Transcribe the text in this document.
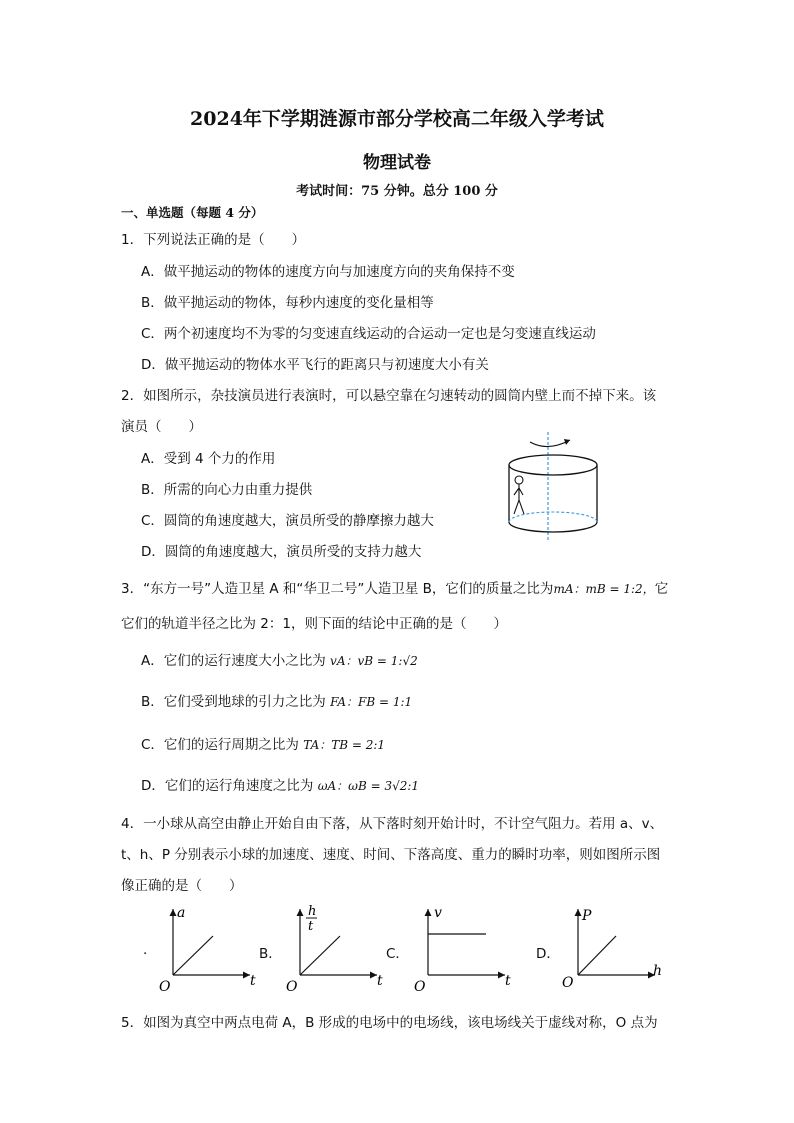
2024年下学期涟源市部分学校高二年级入学考试
物理试卷
考试时间：75 分钟。总分 100 分
一、单选题（每题 4 分）
1．下列说法正确的是（　　）
A．做平抛运动的物体的速度方向与加速度方向的夹角保持不变
B．做平抛运动的物体，每秒内速度的变化量相等
C．两个初速度均不为零的匀变速直线运动的合运动一定也是匀变速直线运动
D．做平抛运动的物体水平飞行的距离只与初速度大小有关
2．如图所示，杂技演员进行表演时，可以悬空靠在匀速转动的圆筒内壁上而不掉下来。该
演员（　　）
A．受到 4 个力的作用
B．所需的向心力由重力提供
C．圆筒的角速度越大，演员所受的静摩擦力越大
D．圆筒的角速度越大，演员所受的支持力越大
3．“东方一号”人造卫星 A 和“华卫二号”人造卫星 B，它们的质量之比为mA：mB = 1:2，它
它们的轨道半径之比为 2：1，则下面的结论中正确的是（　　）
A．它们的运行速度大小之比为 vA：vB = 1:√2
B．它们受到地球的引力之比为 FA：FB = 1:1
C．它们的运行周期之比为 TA：TB = 2:1
D．它们的运行角速度之比为 ωA：ωB = 3√2:1
4．一小球从高空由静止开始自由下落，从下落时刻开始计时，不计空气阻力。若用 a、v、
t、h、P 分别表示小球的加速度、速度、时间、下落高度、重力的瞬时功率，则如图所示图
像正确的是（　　）
.	B．	C．	D．
a
t
O
h
t
t
O
v
t
O
P
h
O
5．如图为真空中两点电荷 A，B 形成的电场中的电场线，该电场线关于虚线对称，O 点为
